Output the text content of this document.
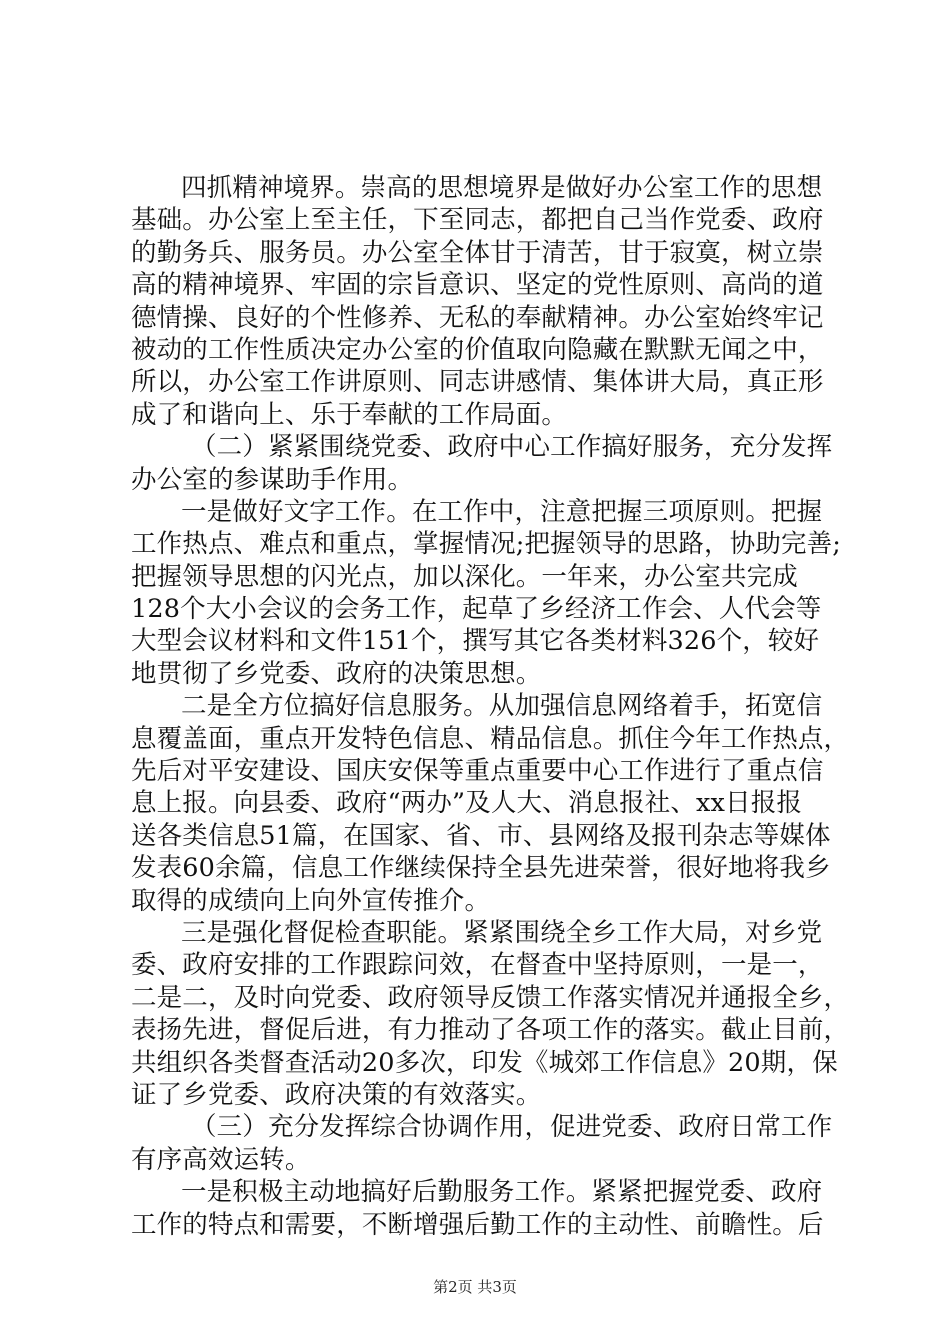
四抓精神境界。崇高的思想境界是做好办公室工作的思想
基础。办公室上至主任，下至同志，都把自己当作党委、政府
的勤务兵、服务员。办公室全体甘于清苦，甘于寂寞，树立崇
高的精神境界、牢固的宗旨意识、坚定的党性原则、高尚的道
德情操、良好的个性修养、无私的奉献精神。办公室始终牢记
被动的工作性质决定办公室的价值取向隐藏在默默无闻之中，
所以，办公室工作讲原则、同志讲感情、集体讲大局，真正形
成了和谐向上、乐于奉献的工作局面。
（二）紧紧围绕党委、政府中心工作搞好服务，充分发挥
办公室的参谋助手作用。
一是做好文字工作。在工作中，注意把握三项原则。把握
工作热点、难点和重点，掌握情况;把握领导的思路，协助完善;
把握领导思想的闪光点，加以深化。一年来，办公室共完成
128个大小会议的会务工作，起草了乡经济工作会、人代会等
大型会议材料和文件151个，撰写其它各类材料326个，较好
地贯彻了乡党委、政府的决策思想。
二是全方位搞好信息服务。从加强信息网络着手，拓宽信
息覆盖面，重点开发特色信息、精品信息。抓住今年工作热点，
先后对平安建设、国庆安保等重点重要中心工作进行了重点信
息上报。向县委、政府“两办”及人大、消息报社、xx日报报
送各类信息51篇，在国家、省、市、县网络及报刊杂志等媒体
发表60余篇，信息工作继续保持全县先进荣誉，很好地将我乡
取得的成绩向上向外宣传推介。
三是强化督促检查职能。紧紧围绕全乡工作大局，对乡党
委、政府安排的工作跟踪问效，在督查中坚持原则，一是一，
二是二，及时向党委、政府领导反馈工作落实情况并通报全乡，
表扬先进，督促后进，有力推动了各项工作的落实。截止目前，
共组织各类督查活动20多次，印发《城郊工作信息》20期，保
证了乡党委、政府决策的有效落实。
（三）充分发挥综合协调作用，促进党委、政府日常工作
有序高效运转。
一是积极主动地搞好后勤服务工作。紧紧把握党委、政府
工作的特点和需要，不断增强后勤工作的主动性、前瞻性。后
第2页 共3页
